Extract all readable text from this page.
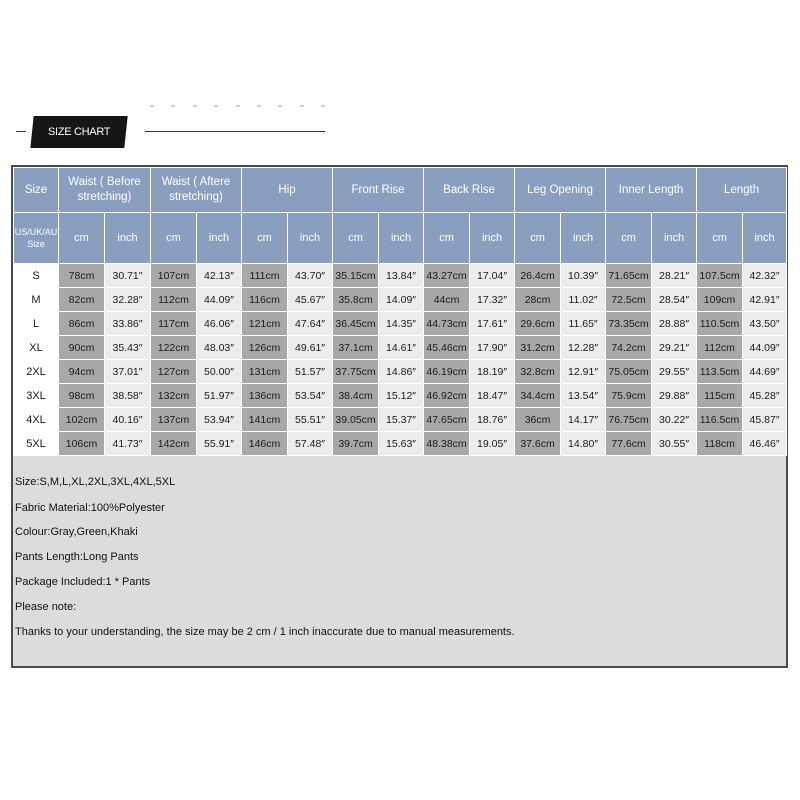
SIZE CHART
Size	Waist ( Before stretching)		Waist ( Aftere stretching)		Hip		Front Rise		Back Rise		Leg Opening		Inner Length		Length	
US/UK/AU Size	cm	inch	cm	inch	cm	inch	cm	inch	cm	inch	cm	inch	cm	inch	cm	inch
S	78cm	30.71″	107cm	42.13″	111cm	43.70″	35.15cm	13.84″	43.27cm	17.04″	26.4cm	10.39″	71.65cm	28.21″	107.5cm	42.32″
M	82cm	32.28″	112cm	44.09″	116cm	45.67″	35.8cm	14.09″	44cm	17.32″	28cm	11.02″	72.5cm	28.54″	109cm	42.91″
L	86cm	33.86″	117cm	46.06″	121cm	47.64″	36.45cm	14.35″	44.73cm	17.61″	29.6cm	11.65″	73.35cm	28.88″	110.5cm	43.50″
XL	90cm	35.43″	122cm	48.03″	126cm	49.61″	37.1cm	14.61″	45.46cm	17.90″	31.2cm	12.28″	74.2cm	29.21″	112cm	44.09″
2XL	94cm	37.01″	127cm	50.00″	131cm	51.57″	37.75cm	14.86″	46.19cm	18.19″	32.8cm	12.91″	75.05cm	29.55″	113.5cm	44.69″
3XL	98cm	38.58″	132cm	51.97″	136cm	53.54″	38.4cm	15.12″	46.92cm	18.47″	34.4cm	13.54″	75.9cm	29.88″	115cm	45.28″
4XL	102cm	40.16″	137cm	53.94″	141cm	55.51″	39.05cm	15.37″	47.65cm	18.76″	36cm	14.17″	76.75cm	30.22″	116.5cm	45.87″
5XL	106cm	41.73″	142cm	55.91″	146cm	57.48″	39.7cm	15.63″	48.38cm	19.05″	37.6cm	14.80″	77.6cm	30.55″	118cm	46.46″
Size:S,M,L,XL,2XL,3XL,4XL,5XL
Fabric Material:100%Polyester
Colour:Gray,Green,Khaki
Pants Length:Long Pants
Package Included:1 * Pants
Please note:
Thanks to your understanding, the size may be 2 cm / 1 inch inaccurate due to manual measurements.
